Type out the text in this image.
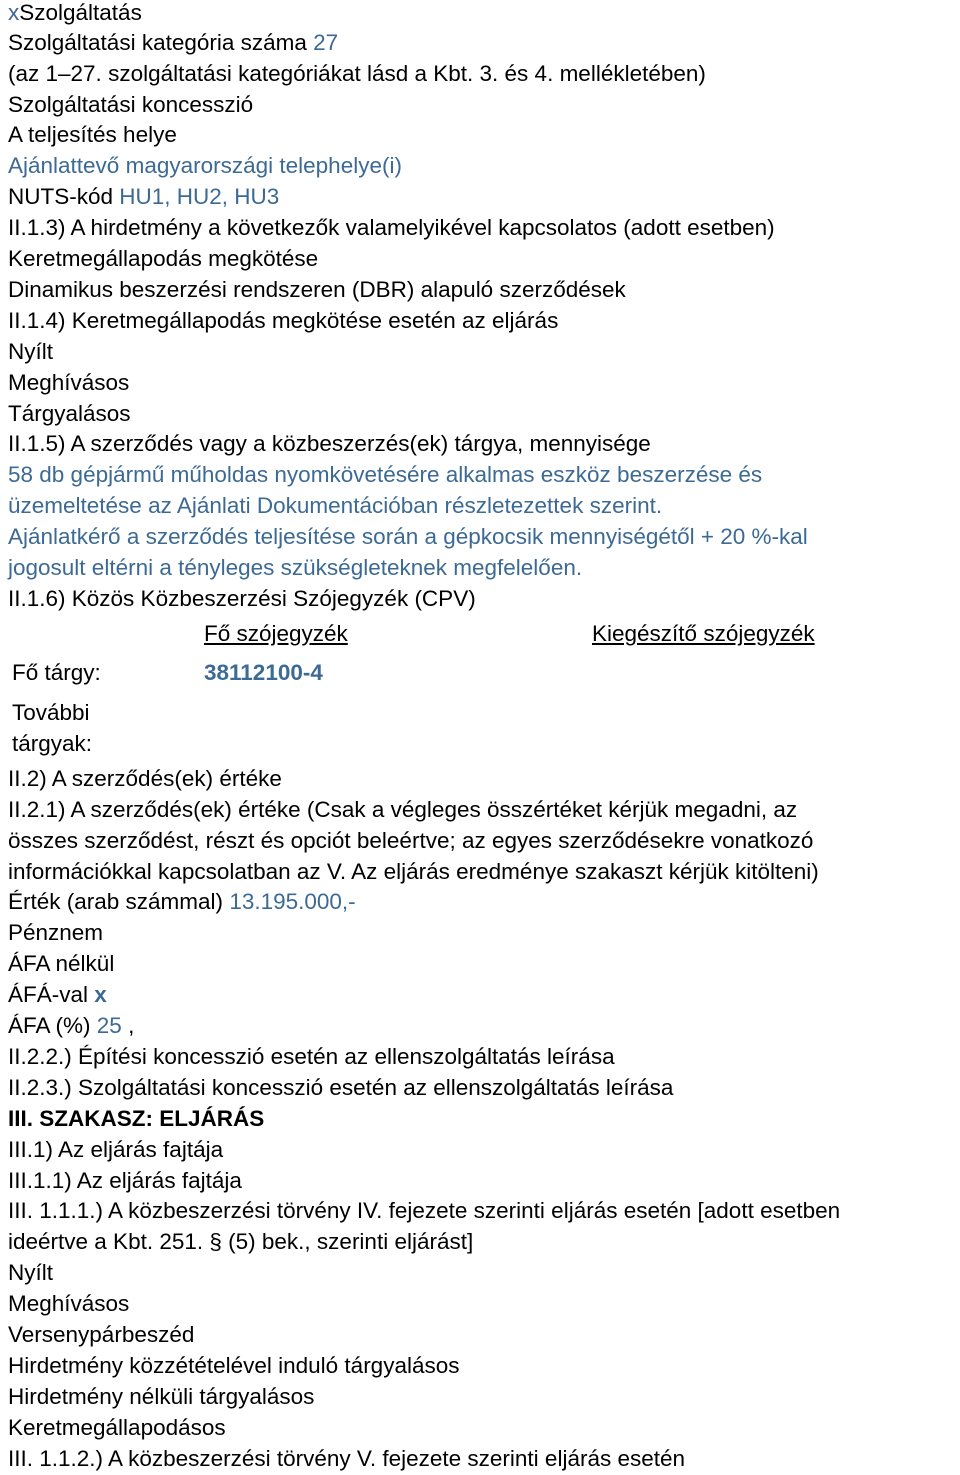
xSzolgáltatás
Szolgáltatási kategória száma 27
(az 1–27. szolgáltatási kategóriákat lásd a Kbt. 3. és 4. mellékletében)
Szolgáltatási koncesszió
A teljesítés helye
Ajánlattevő magyarországi telephelye(i)
NUTS-kód HU1, HU2, HU3
II.1.3) A hirdetmény a következők valamelyikével kapcsolatos (adott esetben)
Keretmegállapodás megkötése
Dinamikus beszerzési rendszeren (DBR) alapuló szerződések
II.1.4) Keretmegállapodás megkötése esetén az eljárás
Nyílt
Meghívásos
Tárgyalásos
II.1.5) A szerződés vagy a közbeszerzés(ek) tárgya, mennyisége
58 db gépjármű műholdas nyomkövetésére alkalmas eszköz beszerzése és
üzemeltetése az Ajánlati Dokumentációban részletezettek szerint.
Ajánlatkérő a szerződés teljesítése során a gépkocsik mennyiségétől + 20 %-kal
jogosult eltérni a tényleges szükségleteknek megfelelően.
II.1.6) Közös Közbeszerzési Szójegyzék (CPV)
Fő szójegyzék	Kiegészítő szójegyzék
Fő tárgy:	38112100-4
További
tárgyak:
II.2) A szerződés(ek) értéke
II.2.1) A szerződés(ek) értéke (Csak a végleges összértéket kérjük megadni, az
összes szerződést, részt és opciót beleértve; az egyes szerződésekre vonatkozó
információkkal kapcsolatban az V. Az eljárás eredménye szakaszt kérjük kitölteni)
Érték (arab számmal) 13.195.000,-
Pénznem
ÁFA nélkül
ÁFÁ-val x
ÁFA (%) 25 ,
II.2.2.) Építési koncesszió esetén az ellenszolgáltatás leírása
II.2.3.) Szolgáltatási koncesszió esetén az ellenszolgáltatás leírása
III. SZAKASZ: ELJÁRÁS
III.1) Az eljárás fajtája
III.1.1) Az eljárás fajtája
III. 1.1.1.) A közbeszerzési törvény IV. fejezete szerinti eljárás esetén [adott esetben
ideértve a Kbt. 251. § (5) bek., szerinti eljárást]
Nyílt
Meghívásos
Versenypárbeszéd
Hirdetmény közzétételével induló tárgyalásos
Hirdetmény nélküli tárgyalásos
Keretmegállapodásos
III. 1.1.2.) A közbeszerzési törvény V. fejezete szerinti eljárás esetén
